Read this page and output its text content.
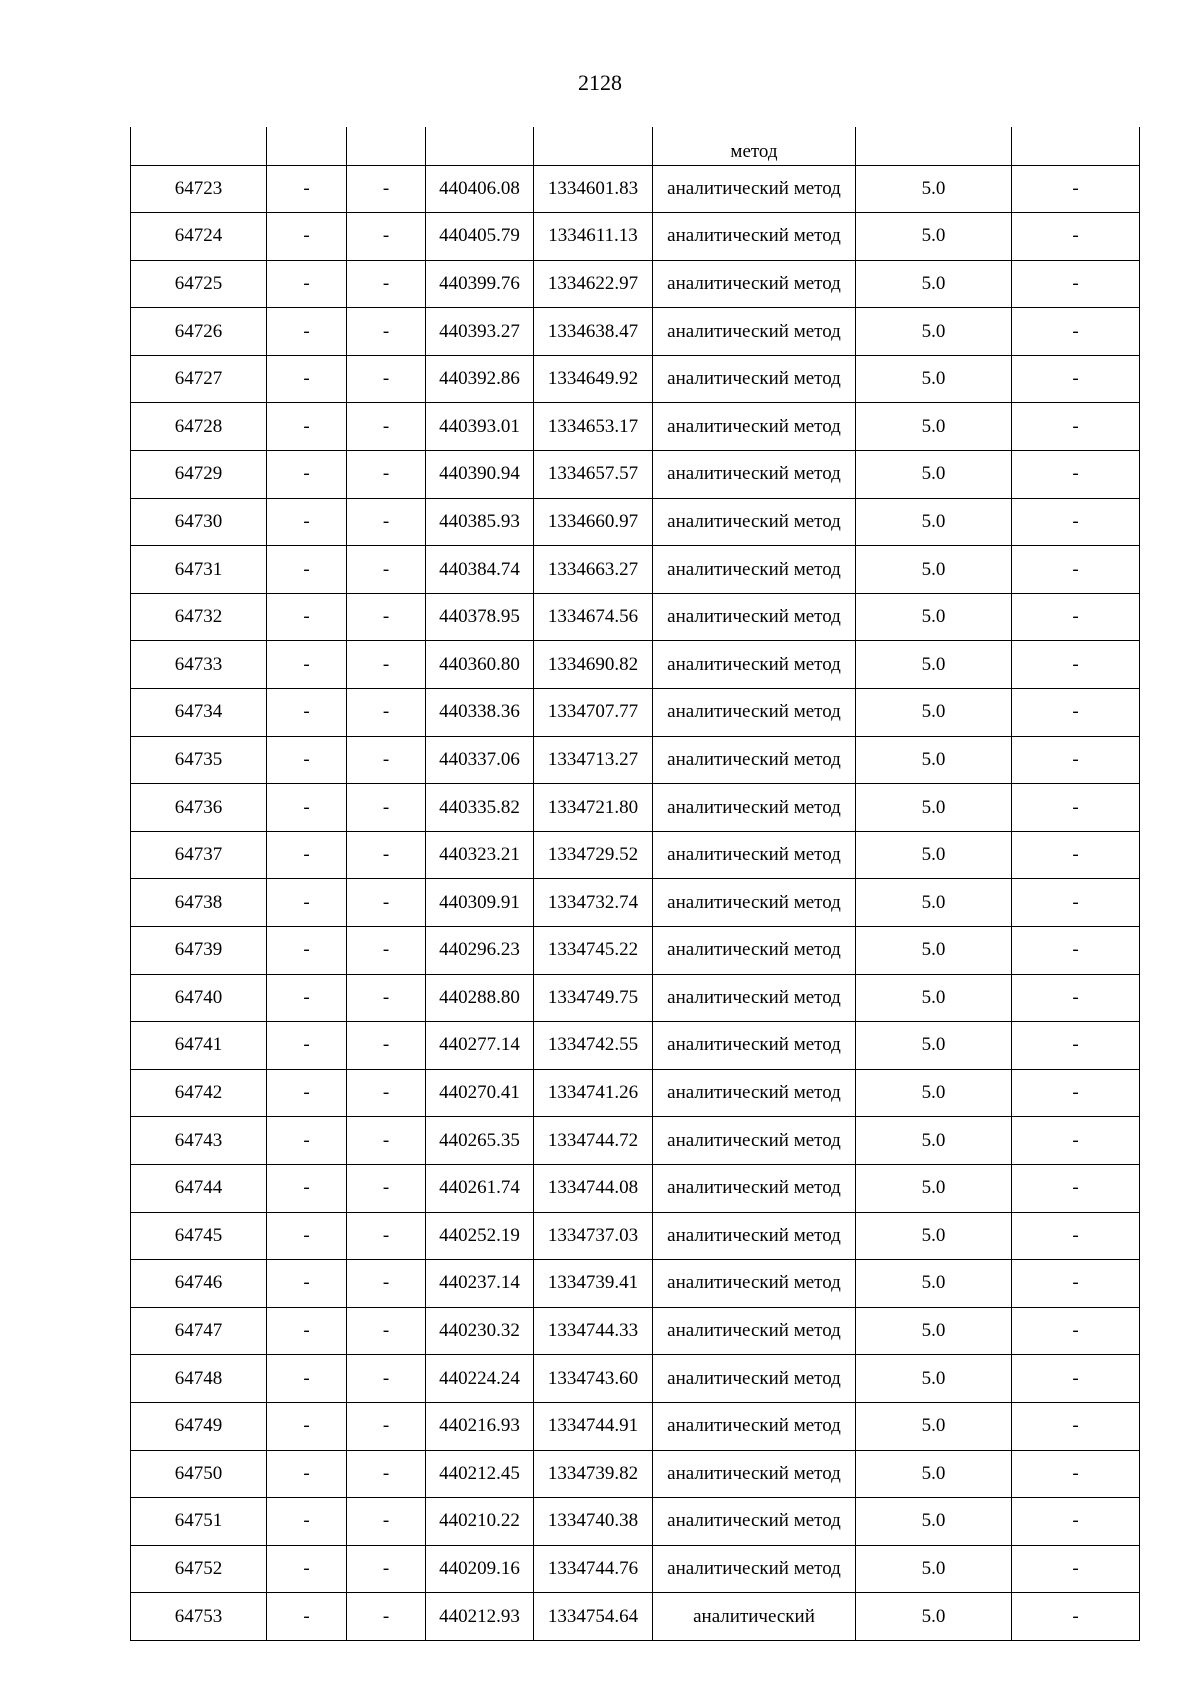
2128
					метод		
64723	-	-	440406.08	1334601.83	аналитический метод	5.0	-
64724	-	-	440405.79	1334611.13	аналитический метод	5.0	-
64725	-	-	440399.76	1334622.97	аналитический метод	5.0	-
64726	-	-	440393.27	1334638.47	аналитический метод	5.0	-
64727	-	-	440392.86	1334649.92	аналитический метод	5.0	-
64728	-	-	440393.01	1334653.17	аналитический метод	5.0	-
64729	-	-	440390.94	1334657.57	аналитический метод	5.0	-
64730	-	-	440385.93	1334660.97	аналитический метод	5.0	-
64731	-	-	440384.74	1334663.27	аналитический метод	5.0	-
64732	-	-	440378.95	1334674.56	аналитический метод	5.0	-
64733	-	-	440360.80	1334690.82	аналитический метод	5.0	-
64734	-	-	440338.36	1334707.77	аналитический метод	5.0	-
64735	-	-	440337.06	1334713.27	аналитический метод	5.0	-
64736	-	-	440335.82	1334721.80	аналитический метод	5.0	-
64737	-	-	440323.21	1334729.52	аналитический метод	5.0	-
64738	-	-	440309.91	1334732.74	аналитический метод	5.0	-
64739	-	-	440296.23	1334745.22	аналитический метод	5.0	-
64740	-	-	440288.80	1334749.75	аналитический метод	5.0	-
64741	-	-	440277.14	1334742.55	аналитический метод	5.0	-
64742	-	-	440270.41	1334741.26	аналитический метод	5.0	-
64743	-	-	440265.35	1334744.72	аналитический метод	5.0	-
64744	-	-	440261.74	1334744.08	аналитический метод	5.0	-
64745	-	-	440252.19	1334737.03	аналитический метод	5.0	-
64746	-	-	440237.14	1334739.41	аналитический метод	5.0	-
64747	-	-	440230.32	1334744.33	аналитический метод	5.0	-
64748	-	-	440224.24	1334743.60	аналитический метод	5.0	-
64749	-	-	440216.93	1334744.91	аналитический метод	5.0	-
64750	-	-	440212.45	1334739.82	аналитический метод	5.0	-
64751	-	-	440210.22	1334740.38	аналитический метод	5.0	-
64752	-	-	440209.16	1334744.76	аналитический метод	5.0	-
64753	-	-	440212.93	1334754.64	аналитический	5.0	-
